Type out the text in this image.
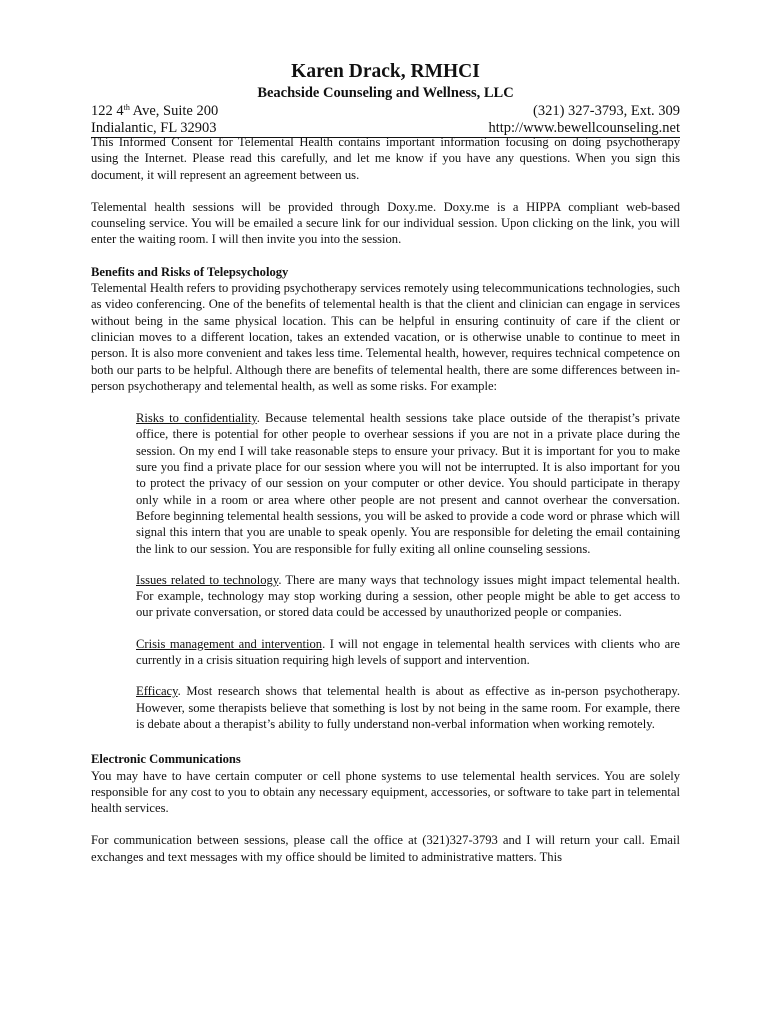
Karen Drack, RMHCI
Beachside Counseling and Wellness, LLC
122 4th Ave, Suite 200	(321) 327-3793, Ext. 309
Indialantic, FL 32903	http://www.bewellcounseling.net

This Informed Consent for Telemental Health contains important information focusing on doing psychotherapy using the Internet. Please read this carefully, and let me know if you have any questions. When you sign this document, it will represent an agreement between us.

Telemental health sessions will be provided through Doxy.me. Doxy.me is a HIPPA compliant web-based counseling service. You will be emailed a secure link for our individual session. Upon clicking on the link, you will enter the waiting room. I will then invite you into the session.

Benefits and Risks of Telepsychology

Telemental Health refers to providing psychotherapy services remotely using telecommunications technologies, such as video conferencing. One of the benefits of telemental health is that the client and clinician can engage in services without being in the same physical location. This can be helpful in ensuring continuity of care if the client or clinician moves to a different location, takes an extended vacation, or is otherwise unable to continue to meet in person. It is also more convenient and takes less time. Telemental health, however, requires technical competence on both our parts to be helpful. Although there are benefits of telemental health, there are some differences between in-person psychotherapy and telemental health, as well as some risks. For example:

Risks to confidentiality. Because telemental health sessions take place outside of the therapist’s private office, there is potential for other people to overhear sessions if you are not in a private place during the session. On my end I will take reasonable steps to ensure your privacy. But it is important for you to make sure you find a private place for our session where you will not be interrupted. It is also important for you to protect the privacy of our session on your computer or other device. You should participate in therapy only while in a room or area where other people are not present and cannot overhear the conversation. Before beginning telemental health sessions, you will be asked to provide a code word or phrase which will signal this intern that you are unable to speak openly. You are responsible for deleting the email containing the link to our session. You are responsible for fully exiting all online counseling sessions.

Issues related to technology. There are many ways that technology issues might impact telemental health. For example, technology may stop working during a session, other people might be able to get access to our private conversation, or stored data could be accessed by unauthorized people or companies.

Crisis management and intervention. I will not engage in telemental health services with clients who are currently in a crisis situation requiring high levels of support and intervention.

Efficacy. Most research shows that telemental health is about as effective as in-person psychotherapy. However, some therapists believe that something is lost by not being in the same room. For example, there is debate about a therapist’s ability to fully understand non-verbal information when working remotely.

Electronic Communications

You may have to have certain computer or cell phone systems to use telemental health services. You are solely responsible for any cost to you to obtain any necessary equipment, accessories, or software to take part in telemental health services.

For communication between sessions, please call the office at (321)327-3793 and I will return your call. Email exchanges and text messages with my office should be limited to administrative matters. This
